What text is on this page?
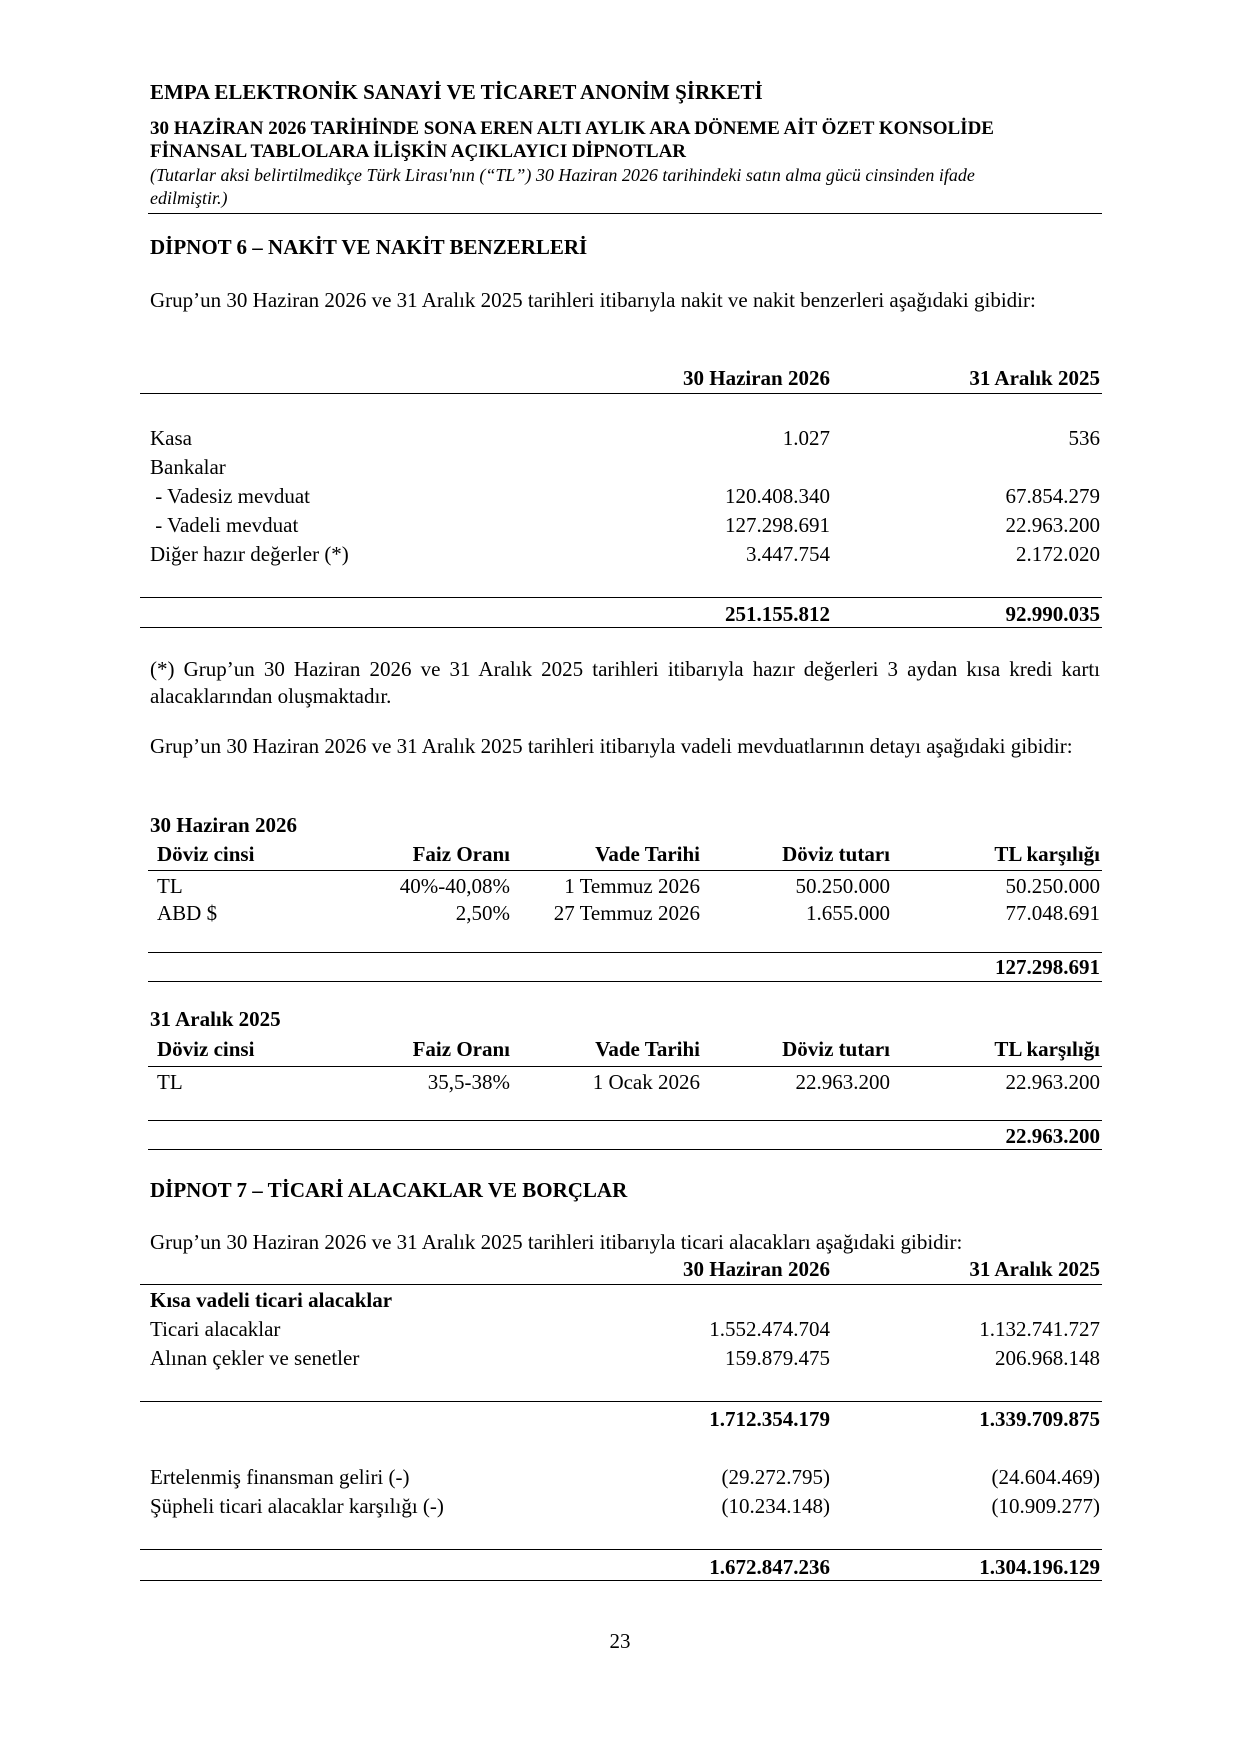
EMPA ELEKTRONİK SANAYİ VE TİCARET ANONİM ŞİRKETİ
30 HAZİRAN 2026 TARİHİNDE SONA EREN ALTI AYLIK ARA DÖNEME AİT ÖZET KONSOLİDE
FİNANSAL TABLOLARA İLİŞKİN AÇIKLAYICI DİPNOTLAR
(Tutarlar aksi belirtilmedikçe Türk Lirası'nın (“TL”) 30 Haziran 2026 tarihindeki satın alma gücü cinsinden ifade
edilmiştir.)
DİPNOT 6 – NAKİT VE NAKİT BENZERLERİ
Grup’un 30 Haziran 2026 ve 31 Aralık 2025 tarihleri itibarıyla nakit ve nakit benzerleri aşağıdaki gibidir:
30 Haziran 2026	31 Aralık 2025
Kasa	1.027	536
Bankalar
- Vadesiz mevduat	120.408.340	67.854.279
- Vadeli mevduat	127.298.691	22.963.200
Diğer hazır değerler (*)	3.447.754	2.172.020
251.155.812	92.990.035
(*) Grup’un 30 Haziran 2026 ve 31 Aralık 2025 tarihleri itibarıyla hazır değerleri 3 aydan kısa kredi kartı alacaklarından oluşmaktadır.
Grup’un 30 Haziran 2026 ve 31 Aralık 2025 tarihleri itibarıyla vadeli mevduatlarının detayı aşağıdaki gibidir:
30 Haziran 2026
Döviz cinsi	Faiz Oranı	Vade Tarihi	Döviz tutarı	TL karşılığı
TL	40%-40,08%	1 Temmuz 2026	50.250.000	50.250.000
ABD $	2,50%	27 Temmuz 2026	1.655.000	77.048.691
127.298.691
31 Aralık 2025
Döviz cinsi	Faiz Oranı	Vade Tarihi	Döviz tutarı	TL karşılığı
TL	35,5-38%	1 Ocak 2026	22.963.200	22.963.200
22.963.200
DİPNOT 7 – TİCARİ ALACAKLAR VE BORÇLAR
Grup’un 30 Haziran 2026 ve 31 Aralık 2025 tarihleri itibarıyla ticari alacakları aşağıdaki gibidir:
30 Haziran 2026	31 Aralık 2025
Kısa vadeli ticari alacaklar
Ticari alacaklar	1.552.474.704	1.132.741.727
Alınan çekler ve senetler	159.879.475	206.968.148
1.712.354.179	1.339.709.875
Ertelenmiş finansman geliri (-)	(29.272.795)	(24.604.469)
Şüpheli ticari alacaklar karşılığı (-)	(10.234.148)	(10.909.277)
1.672.847.236	1.304.196.129
23
